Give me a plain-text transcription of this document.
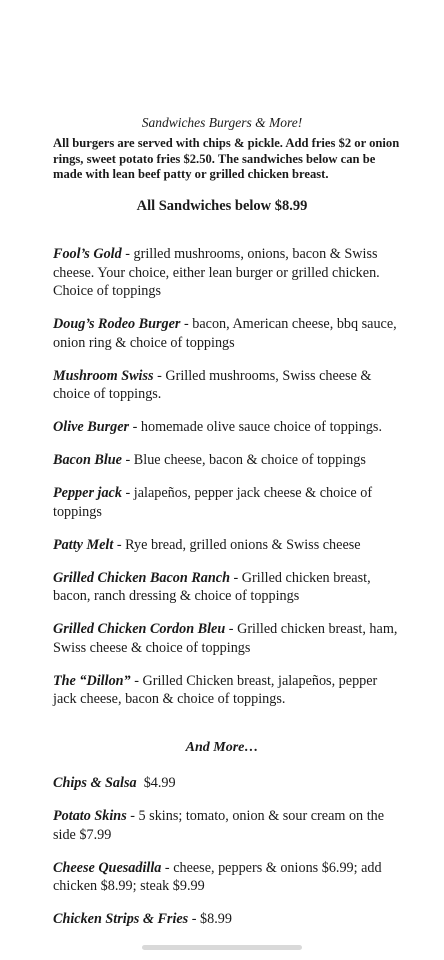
Sandwiches Burgers & More!
All burgers are served with chips & pickle. Add fries $2 or onion rings, sweet potato fries $2.50. The sandwiches below can be made with lean beef patty or grilled chicken breast.
All Sandwiches below $8.99
Fool’s Gold - grilled mushrooms, onions, bacon & Swiss cheese. Your choice, either lean burger or grilled chicken. Choice of toppings
Doug’s Rodeo Burger - bacon, American cheese, bbq sauce, onion ring & choice of toppings
Mushroom Swiss - Grilled mushrooms, Swiss cheese & choice of toppings.
Olive Burger - homemade olive sauce choice of toppings.
Bacon Blue - Blue cheese, bacon & choice of toppings
Pepper jack - jalapeños, pepper jack cheese & choice of toppings
Patty Melt - Rye bread, grilled onions & Swiss cheese
Grilled Chicken Bacon Ranch - Grilled chicken breast, bacon, ranch dressing & choice of toppings
Grilled Chicken Cordon Bleu - Grilled chicken breast, ham, Swiss cheese & choice of toppings
The “Dillon” - Grilled Chicken breast, jalapeños, pepper jack cheese, bacon & choice of toppings.
And More…
Chips & Salsa  $4.99
Potato Skins - 5 skins; tomato, onion & sour cream on the side $7.99
Cheese Quesadilla - cheese, peppers & onions $6.99; add chicken $8.99; steak $9.99
Chicken Strips & Fries - $8.99
